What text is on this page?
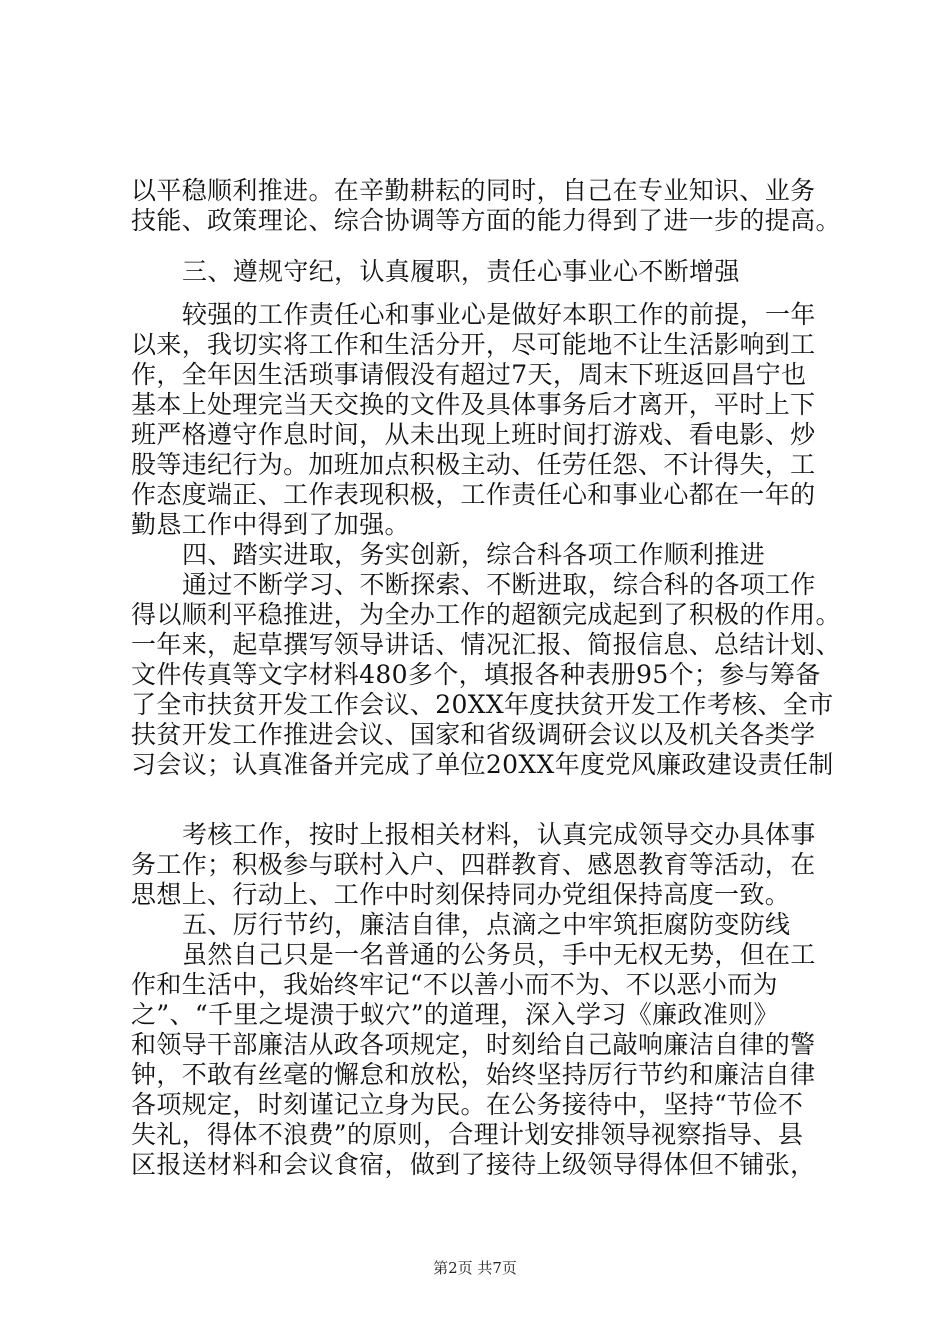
以平稳顺利推进。在辛勤耕耘的同时，自己在专业知识、业务
技能、政策理论、综合协调等方面的能力得到了进一步的提高。
三、遵规守纪，认真履职，责任心事业心不断增强
较强的工作责任心和事业心是做好本职工作的前提，一年
以来，我切实将工作和生活分开，尽可能地不让生活影响到工
作，全年因生活琐事请假没有超过7天，周末下班返回昌宁也
基本上处理完当天交换的文件及具体事务后才离开，平时上下
班严格遵守作息时间，从未出现上班时间打游戏、看电影、炒
股等违纪行为。加班加点积极主动、任劳任怨、不计得失，工
作态度端正、工作表现积极，工作责任心和事业心都在一年的
勤恳工作中得到了加强。
四、踏实进取，务实创新，综合科各项工作顺利推进
通过不断学习、不断探索、不断进取，综合科的各项工作
得以顺利平稳推进，为全办工作的超额完成起到了积极的作用。
一年来，起草撰写领导讲话、情况汇报、简报信息、总结计划、
文件传真等文字材料480多个，填报各种表册95个；参与筹备
了全市扶贫开发工作会议、20XX年度扶贫开发工作考核、全市
扶贫开发工作推进会议、国家和省级调研会议以及机关各类学
习会议；认真准备并完成了单位20XX年度党风廉政建设责任制
考核工作，按时上报相关材料，认真完成领导交办具体事
务工作；积极参与联村入户、四群教育、感恩教育等活动，在
思想上、行动上、工作中时刻保持同办党组保持高度一致。
五、厉行节约，廉洁自律，点滴之中牢筑拒腐防变防线
虽然自己只是一名普通的公务员，手中无权无势，但在工
作和生活中，我始终牢记“不以善小而不为、不以恶小而为
之”、“千里之堤溃于蚁穴”的道理，深入学习《廉政准则》
和领导干部廉洁从政各项规定，时刻给自己敲响廉洁自律的警
钟，不敢有丝毫的懈怠和放松，始终坚持厉行节约和廉洁自律
各项规定，时刻谨记立身为民。在公务接待中，坚持“节俭不
失礼，得体不浪费”的原则，合理计划安排领导视察指导、县
区报送材料和会议食宿，做到了接待上级领导得体但不铺张，
第2页 共7页
